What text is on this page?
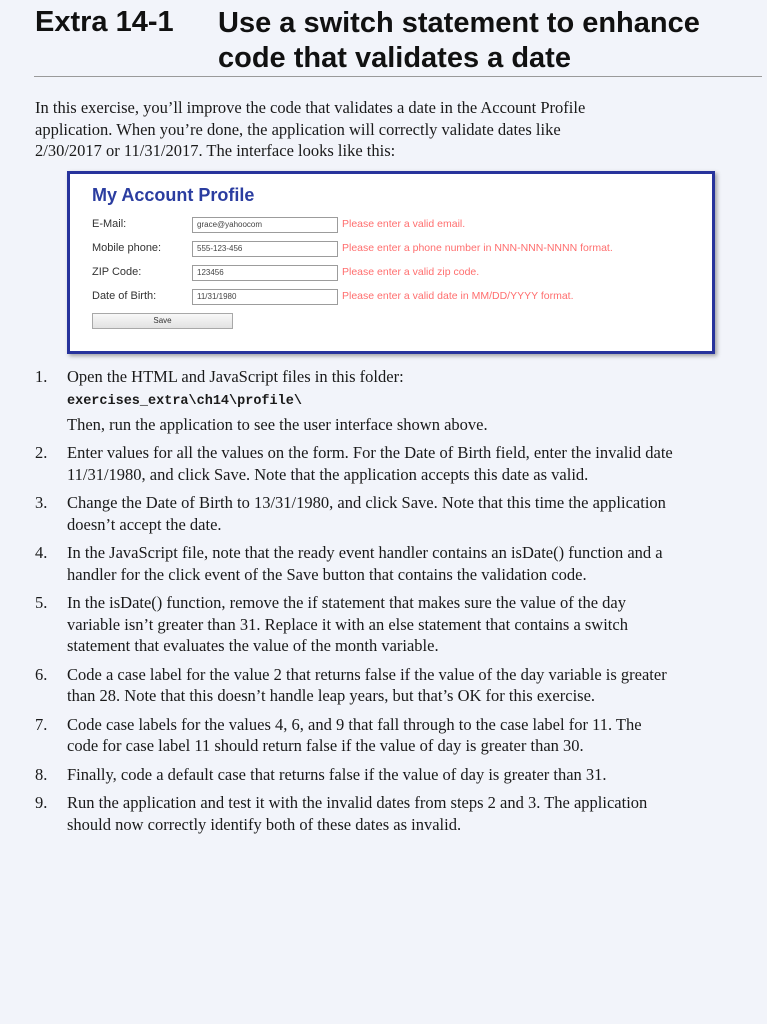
Extra 14-1 Use a switch statement to enhance code that validates a date

In this exercise, you’ll improve the code that validates a date in the Account Profile application. When you’re done, the application will correctly validate dates like 2/30/2017 or 11/31/2017. The interface looks like this:

My Account Profile
E-Mail:	grace@yahoocom	Please enter a valid email.
Mobile phone:	555-123-456	Please enter a phone number in NNN-NNN-NNNN format.
ZIP Code:	123456	Please enter a valid zip code.
Date of Birth:	11/31/1980	Please enter a valid date in MM/DD/YYYY format.
Save
1.	Open the HTML and JavaScript files in this folder:
exercises_extra\ch14\profile\
Then, run the application to see the user interface shown above.
2.	Enter values for all the values on the form. For the Date of Birth field, enter the invalid date 11/31/1980, and click Save. Note that the application accepts this date as valid.
3.	Change the Date of Birth to 13/31/1980, and click Save. Note that this time the application doesn’t accept the date.
4.	In the JavaScript file, note that the ready event handler contains an isDate() function and a handler for the click event of the Save button that contains the validation code.
5.	In the isDate() function, remove the if statement that makes sure the value of the day variable isn’t greater than 31. Replace it with an else statement that contains a switch statement that evaluates the value of the month variable.
6.	Code a case label for the value 2 that returns false if the value of the day variable is greater than 28. Note that this doesn’t handle leap years, but that’s OK for this exercise.
7.	Code case labels for the values 4, 6, and 9 that fall through to the case label for 11. The code for case label 11 should return false if the value of day is greater than 30.
8.	Finally, code a default case that returns false if the value of day is greater than 31.
9.	Run the application and test it with the invalid dates from steps 2 and 3. The application should now correctly identify both of these dates as invalid.
